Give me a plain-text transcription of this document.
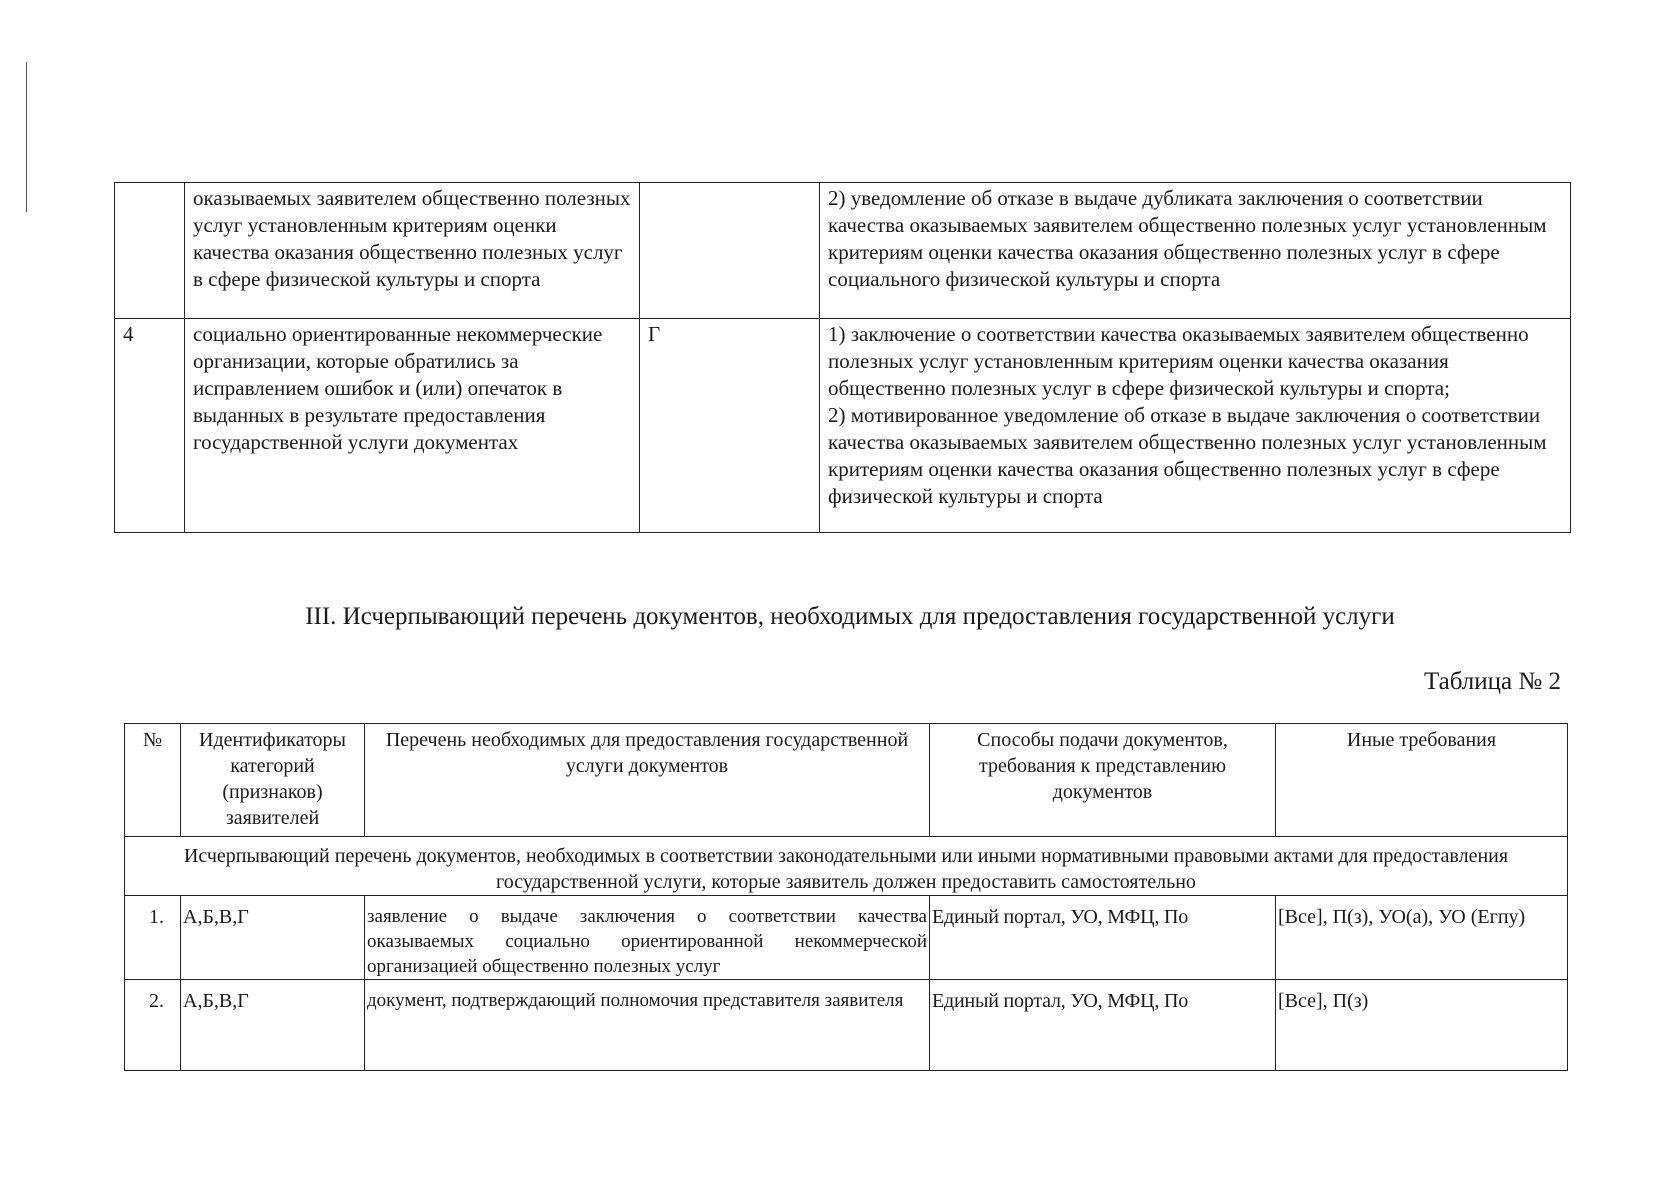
	оказываемых заявителем общественно полезных услуг установленным критериям оценки качества оказания общественно полезных услуг в сфере физической культуры и спорта		2) уведомление об отказе в выдаче дубликата заключения о соответствии качества оказываемых заявителем общественно полезных услуг установленным критериям оценки качества оказания общественно полезных услуг в сфере социального физической культуры и спорта
4	социально ориентированные некоммерческие организации, которые обратились за исправлением ошибок и (или) опечаток в выданных в результате предоставления государственной услуги документах	Г	1) заключение о соответствии качества оказываемых заявителем общественно полезных услуг установленным критериям оценки качества оказания общественно полезных услуг в сфере физической культуры и спорта;
2) мотивированное уведомление об отказе в выдаче заключения о соответствии качества оказываемых заявителем общественно полезных услуг установленным критериям оценки качества оказания общественно полезных услуг в сфере физической культуры и спорта
III. Исчерпывающий перечень документов, необходимых для предоставления государственной услуги
Таблица № 2
№	Идентификаторы категорий (признаков) заявителей	Перечень необходимых для предоставления государственной услуги документов	Способы подачи документов, требования к представлению документов	Иные требования
Исчерпывающий перечень документов, необходимых в соответствии законодательными или иными нормативными правовыми актами для предоставления государственной услуги, которые заявитель должен предоставить самостоятельно				
1.	А,Б,В,Г	заявление о выдаче заключения о соответствии качества оказываемых социально ориентированной некоммерческой организацией общественно полезных услуг	Единый портал, УО, МФЦ, По	[Все], П(з), УО(а), УО (Егпу)
2.	А,Б,В,Г	документ, подтверждающий полномочия представителя заявителя	Единый портал, УО, МФЦ, По	[Все], П(з)
